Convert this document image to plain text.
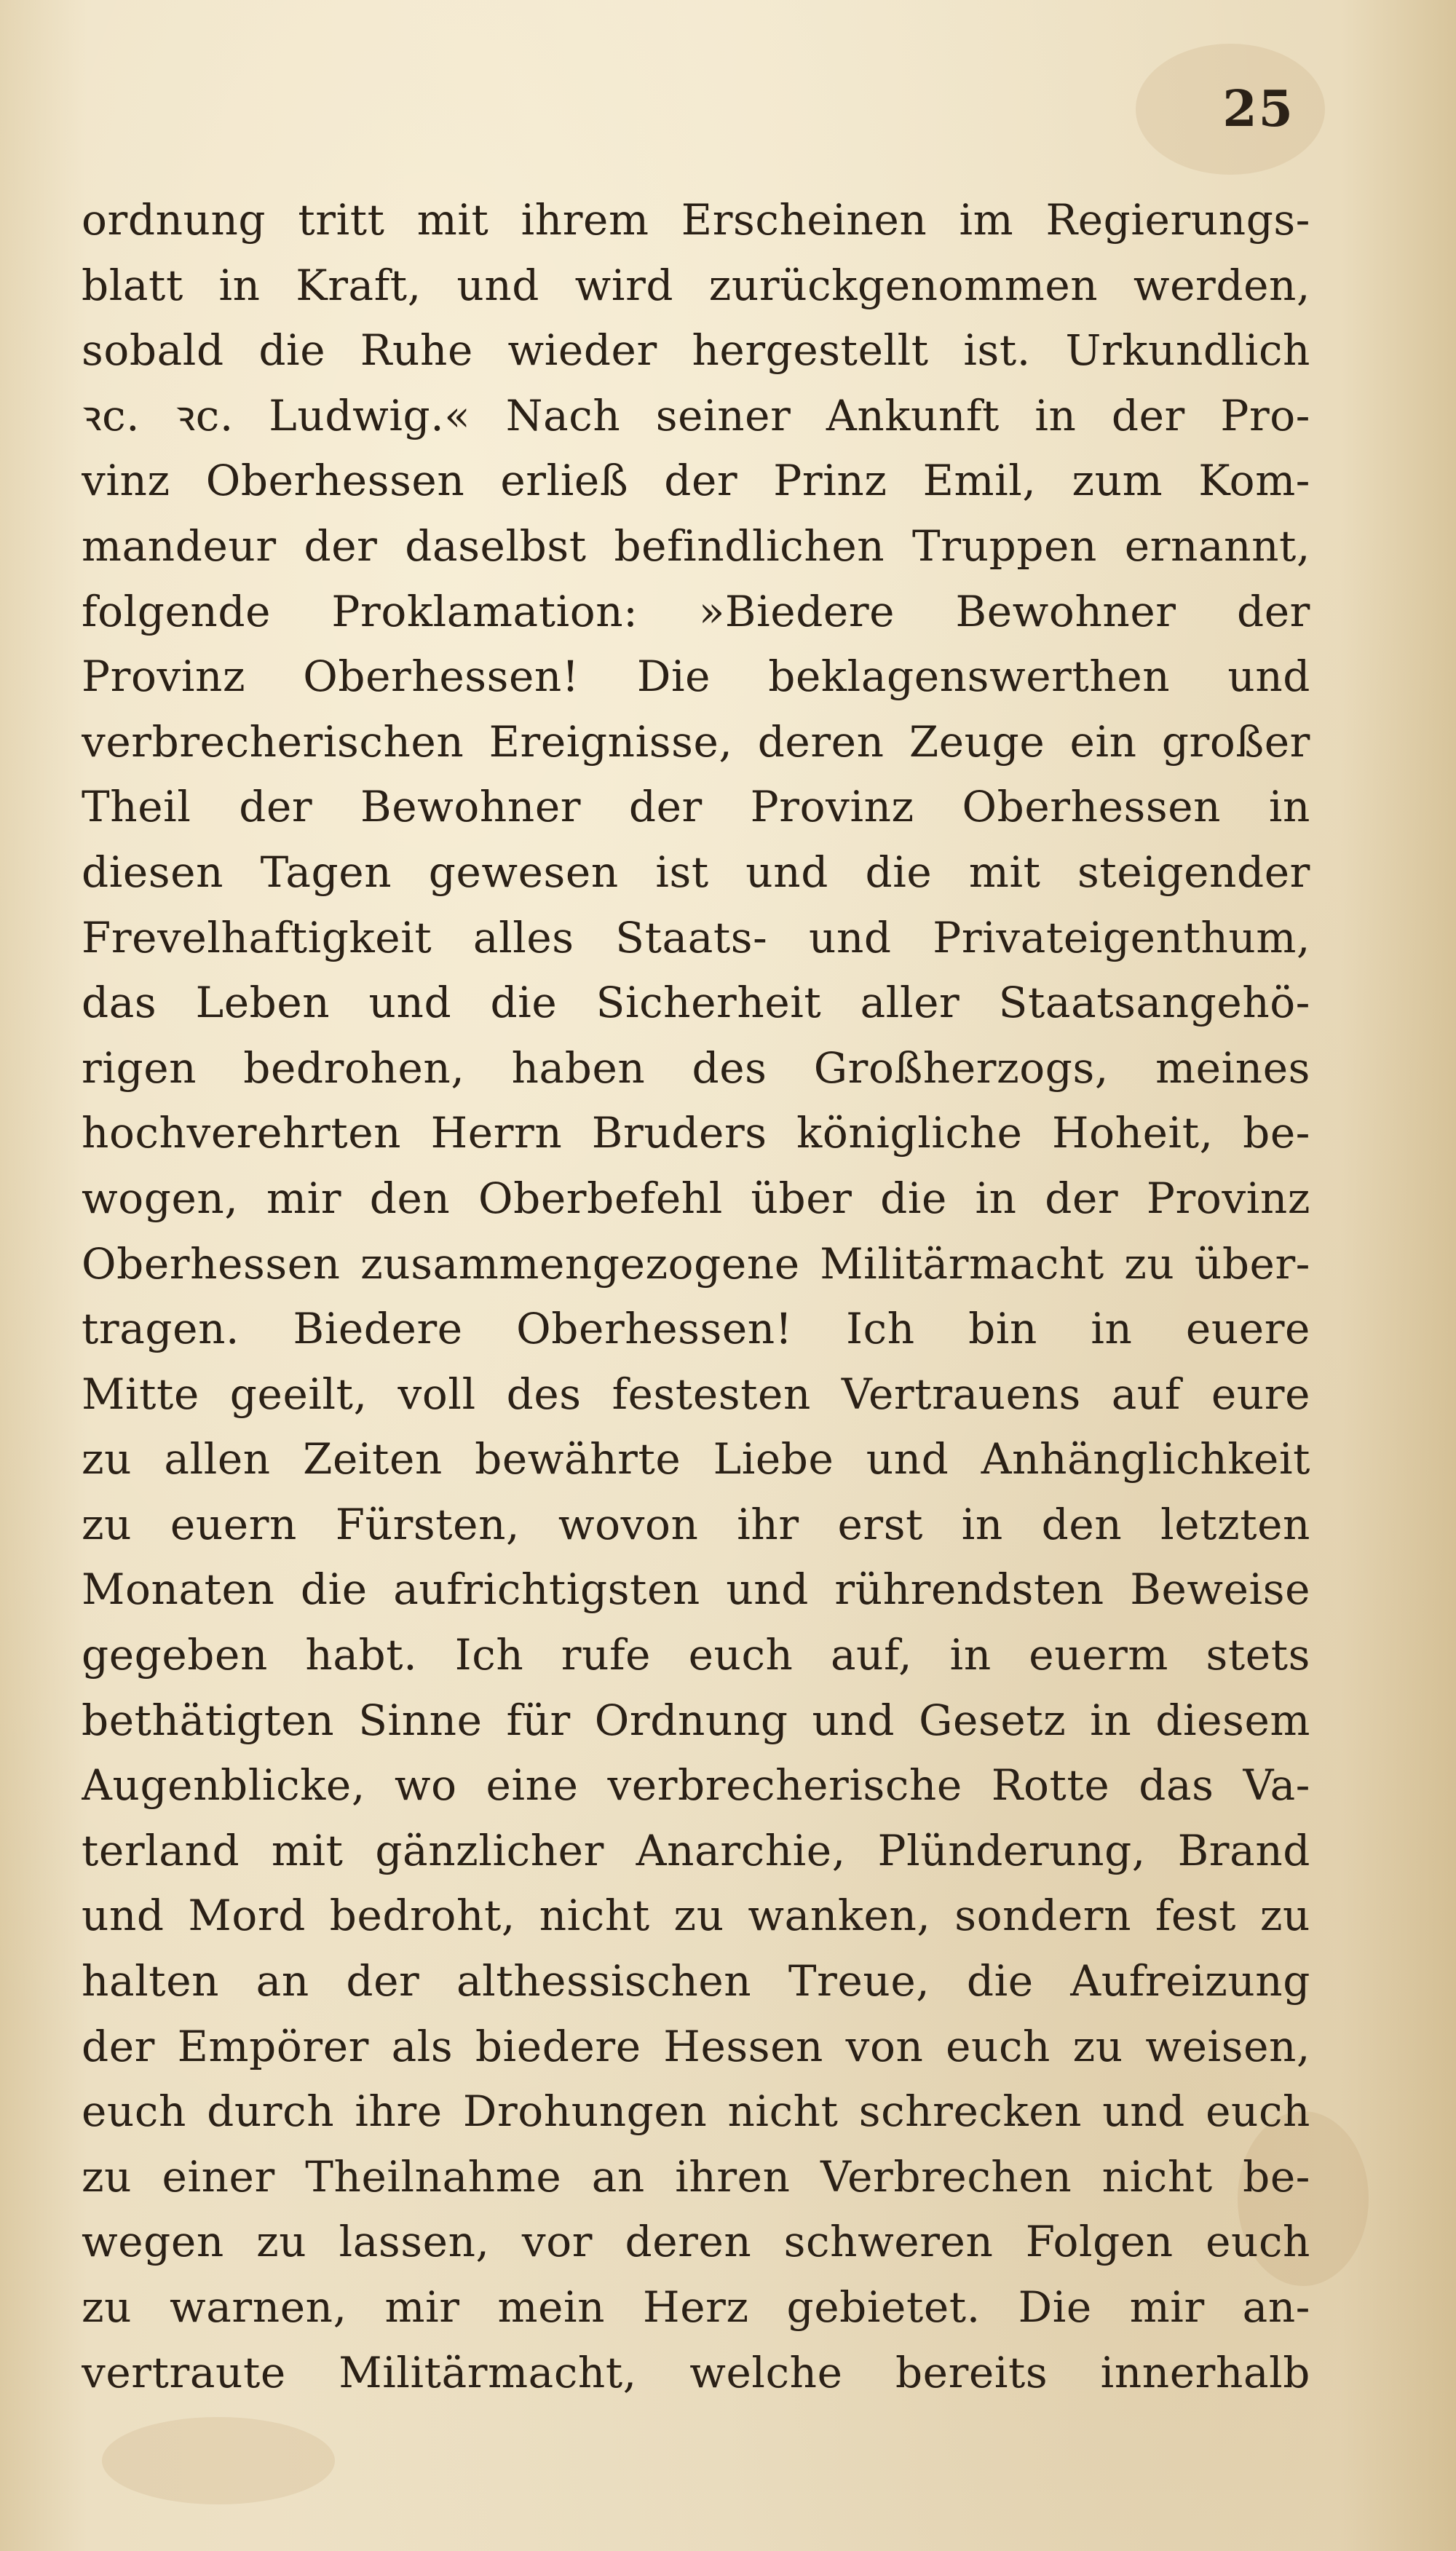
25
ordnung tritt mit ihrem Erscheinen im Regierungs-
blatt in Kraft, und wird zurückgenommen werden,
sobald die Ruhe wieder hergestellt ist. Urkundlich
ꝛc. ꝛc. Ludwig.« Nach seiner Ankunft in der Pro-
vinz Oberhessen erließ der Prinz Emil, zum Kom-
mandeur der daselbst befindlichen Truppen ernannt,
folgende Proklamation: »Biedere Bewohner der
Provinz Oberhessen! Die beklagenswerthen und
verbrecherischen Ereignisse, deren Zeuge ein großer
Theil der Bewohner der Provinz Oberhessen in
diesen Tagen gewesen ist und die mit steigender
Frevelhaftigkeit alles Staats- und Privateigenthum,
das Leben und die Sicherheit aller Staatsangehö-
rigen bedrohen, haben des Großherzogs, meines
hochverehrten Herrn Bruders königliche Hoheit, be-
wogen, mir den Oberbefehl über die in der Provinz
Oberhessen zusammengezogene Militärmacht zu über-
tragen. Biedere Oberhessen! Ich bin in euere
Mitte geeilt, voll des festesten Vertrauens auf eure
zu allen Zeiten bewährte Liebe und Anhänglichkeit
zu euern Fürsten, wovon ihr erst in den letzten
Monaten die aufrichtigsten und rührendsten Beweise
gegeben habt. Ich rufe euch auf, in euerm stets
bethätigten Sinne für Ordnung und Gesetz in diesem
Augenblicke, wo eine verbrecherische Rotte das Va-
terland mit gänzlicher Anarchie, Plünderung, Brand
und Mord bedroht, nicht zu wanken, sondern fest zu
halten an der althessischen Treue, die Aufreizung
der Empörer als biedere Hessen von euch zu weisen,
euch durch ihre Drohungen nicht schrecken und euch
zu einer Theilnahme an ihren Verbrechen nicht be-
wegen zu lassen, vor deren schweren Folgen euch
zu warnen, mir mein Herz gebietet. Die mir an-
vertraute Militärmacht, welche bereits innerhalb
